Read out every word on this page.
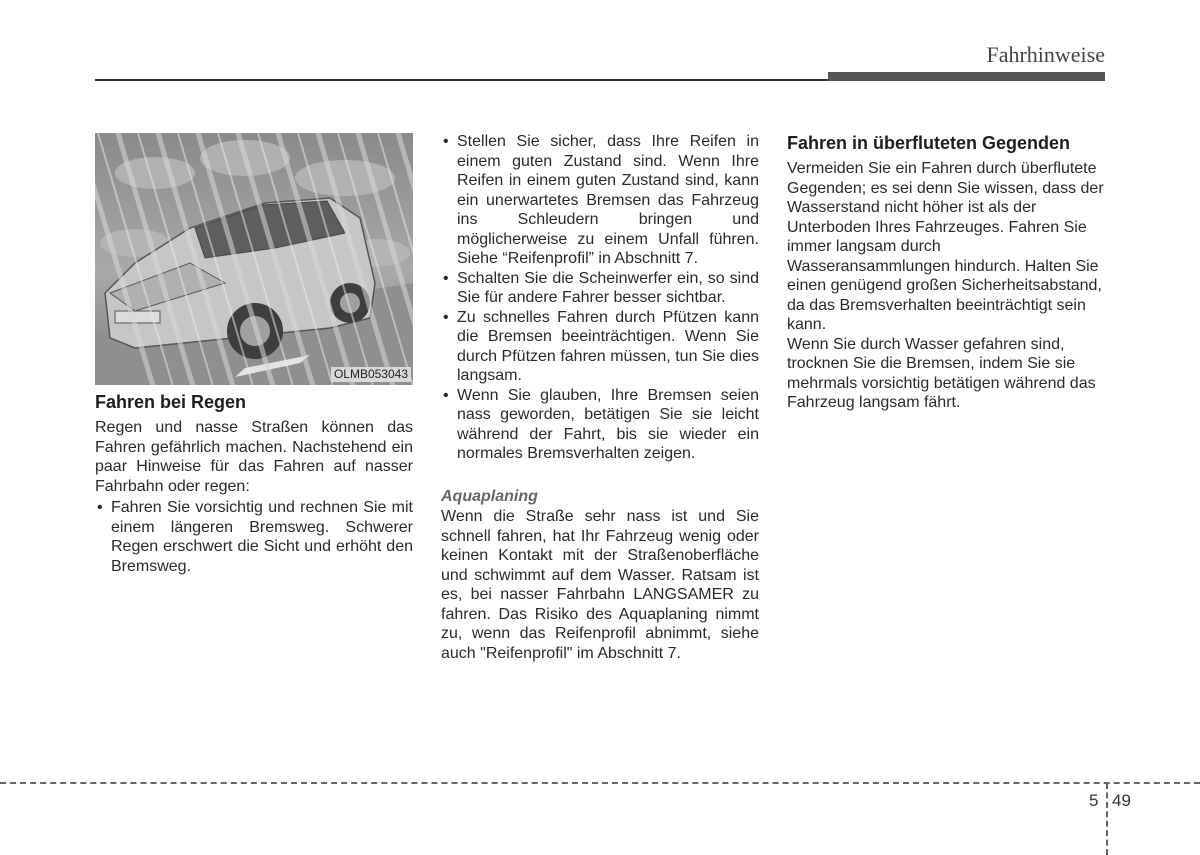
Fahrhinweise
OLMB053043
Fahren bei Regen

Regen und nasse Straßen können das Fahren gefährlich machen. Nachstehend ein paar Hinweise für das Fahren auf nasser Fahrbahn oder regen:

• Fahren Sie vorsichtig und rechnen Sie mit einem längeren Bremsweg. Schwerer Regen erschwert die Sicht und erhöht den Bremsweg.
• Stellen Sie sicher, dass Ihre Reifen in einem guten Zustand sind. Wenn Ihre Reifen in einem guten Zustand sind, kann ein unerwartetes Bremsen das Fahrzeug ins Schleudern bringen und möglicherweise zu einem Unfall führen. Siehe “Reifenprofil” in Abschnitt 7.
• Schalten Sie die Scheinwerfer ein, so sind Sie für andere Fahrer besser sichtbar.
• Zu schnelles Fahren durch Pfützen kann die Bremsen beeinträchtigen. Wenn Sie durch Pfützen fahren müssen, tun Sie dies langsam.
• Wenn Sie glauben, Ihre Bremsen seien nass geworden, betätigen Sie sie leicht während der Fahrt, bis sie wieder ein normales Bremsverhalten zeigen.
Aquaplaning

Wenn die Straße sehr nass ist und Sie schnell fahren, hat Ihr Fahrzeug wenig oder keinen Kontakt mit der Straßenoberfläche und schwimmt auf dem Wasser. Ratsam ist es, bei nasser Fahrbahn LANGSAMER zu fahren. Das Risiko des Aquaplaning nimmt zu, wenn das Reifenprofil abnimmt, siehe auch "Reifenprofil" im Abschnitt 7.

Fahren in überfluteten Gegenden

Vermeiden Sie ein Fahren durch überflutete Gegenden; es sei denn Sie wissen, dass der Wasserstand nicht höher ist als der Unterboden Ihres Fahrzeuges. Fahren Sie immer langsam durch Wasseransammlungen hindurch. Halten Sie einen genügend großen Sicherheitsabstand, da das Bremsverhalten beeinträchtigt sein kann.

Wenn Sie durch Wasser gefahren sind, trocknen Sie die Bremsen, indem Sie sie mehrmals vorsichtig betätigen während das Fahrzeug langsam fährt.

5 49
